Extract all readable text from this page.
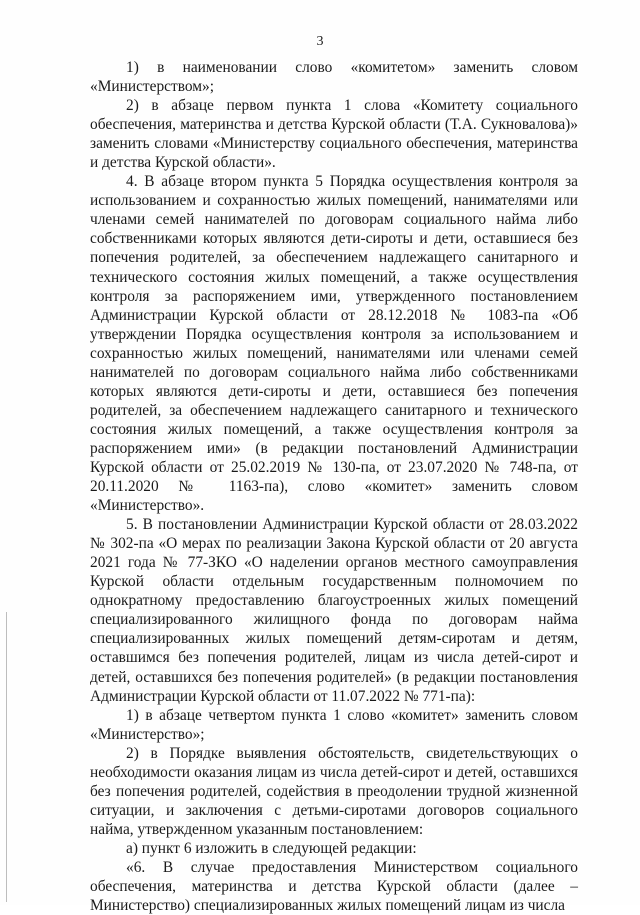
3

1) в наименовании слово «комитетом» заменить словом «Министерством»;

2) в абзаце первом пункта 1 слова «Комитету социального обеспечения, материнства и детства Курской области (Т.А. Сукновалова)» заменить словами «Министерству социального обеспечения, материнства и детства Курской области».

4. В абзаце втором пункта 5 Порядка осуществления контроля за использованием и сохранностью жилых помещений, нанимателями или членами семей нанимателей по договорам социального найма либо собственниками которых являются дети-сироты и дети, оставшиеся без попечения родителей, за обеспечением надлежащего санитарного и технического состояния жилых помещений, а также осуществления контроля за распоряжением ими, утвержденного постановлением Администрации Курской области от 28.12.2018 № 1083-па «Об утверждении Порядка осуществления контроля за использованием и сохранностью жилых помещений, нанимателями или членами семей нанимателей по договорам социального найма либо собственниками которых являются дети-сироты и дети, оставшиеся без попечения родителей, за обеспечением надлежащего санитарного и технического состояния жилых помещений, а также осуществления контроля за распоряжением ими» (в редакции постановлений Администрации Курской области от 25.02.2019 № 130-па, от 23.07.2020 № 748-па, от 20.11.2020 № 1163-па), слово «комитет» заменить словом «Министерство».

5. В постановлении Администрации Курской области от 28.03.2022 № 302-па «О мерах по реализации Закона Курской области от 20 августа 2021 года № 77-ЗКО «О наделении органов местного самоуправления Курской области отдельным государственным полномочием по однократному предоставлению благоустроенных жилых помещений специализированного жилищного фонда по договорам найма специализированных жилых помещений детям-сиротам и детям, оставшимся без попечения родителей, лицам из числа детей-сирот и детей, оставшихся без попечения родителей» (в редакции постановления Администрации Курской области от 11.07.2022 № 771-па):

1) в абзаце четвертом пункта 1 слово «комитет» заменить словом «Министерство»;

2) в Порядке выявления обстоятельств, свидетельствующих о необходимости оказания лицам из числа детей-сирот и детей, оставшихся без попечения родителей, содействия в преодолении трудной жизненной ситуации, и заключения с детьми-сиротами договоров социального найма, утвержденном указанным постановлением:

а) пункт 6 изложить в следующей редакции:

«6. В случае предоставления Министерством социального обеспечения, материнства и детства Курской области (далее – Министерство) специализированных жилых помещений лицам из числа
